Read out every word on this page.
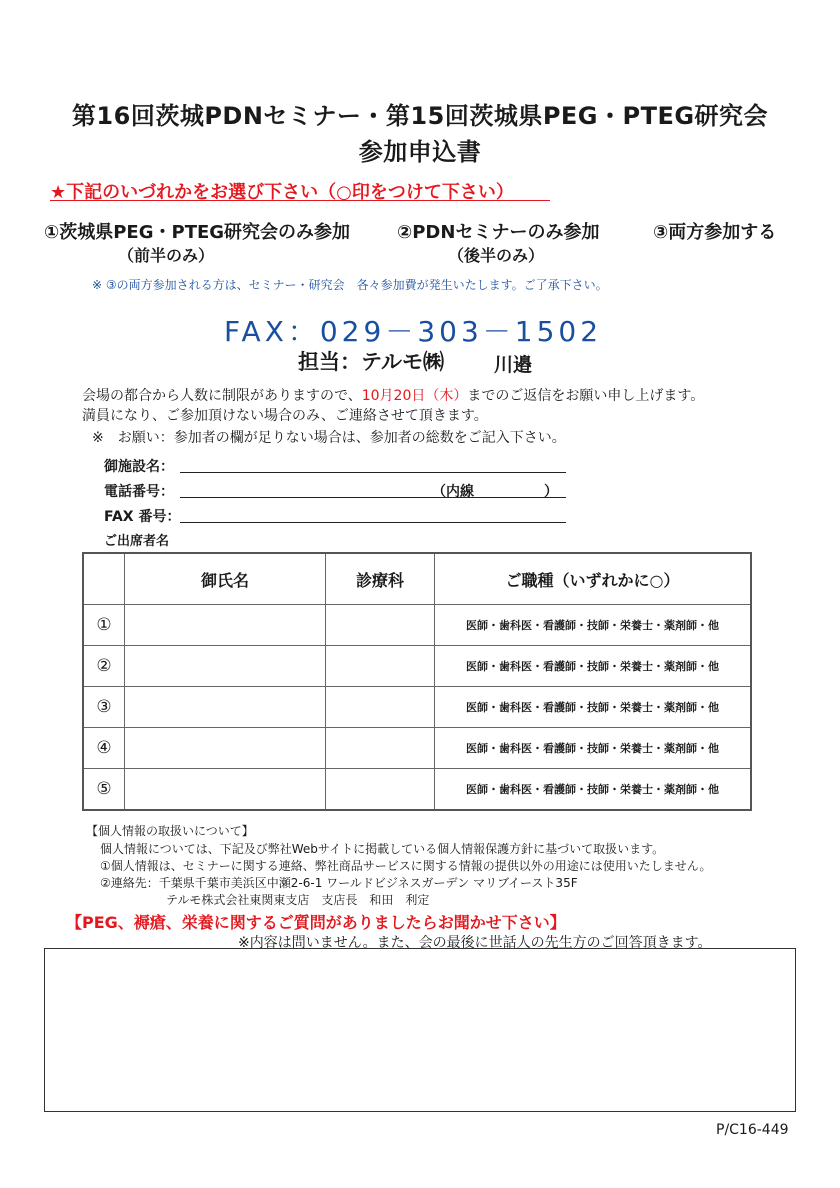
第16回茨城PDNセミナー・第15回茨城県PEG・PTEG研究会
参加申込書
★下記のいづれかをお選び下さい（○印をつけて下さい）
①茨城県PEG・PTEG研究会のみ参加
（前半のみ）
②PDNセミナーのみ参加
（後半のみ）
③両方参加する
※ ③の両方参加される方は、セミナー・研究会　各々参加費が発生いたします。ご了承下さい。
FAX：029－303－1502
担当：テルモ㈱	川邉
会場の都合から人数に制限がありますので、10月20日（木）までのご返信をお願い申し上げます。
満員になり、ご参加頂けない場合のみ、ご連絡させて頂きます。
※　お願い：参加者の欄が足りない場合は、参加者の総数をご記入下さい。
御施設名：
電話番号：	（内線　　　　　）
FAX 番号：
ご出席者名
	御氏名	診療科	ご職種（いずれかに○）
①			医師・歯科医・看護師・技師・栄養士・薬剤師・他
②			医師・歯科医・看護師・技師・栄養士・薬剤師・他
③			医師・歯科医・看護師・技師・栄養士・薬剤師・他
④			医師・歯科医・看護師・技師・栄養士・薬剤師・他
⑤			医師・歯科医・看護師・技師・栄養士・薬剤師・他
【個人情報の取扱いについて】
個人情報については、下記及び弊社Webサイトに掲載している個人情報保護方針に基づいて取扱います。
①個人情報は、セミナーに関する連絡、弊社商品サービスに関する情報の提供以外の用途には使用いたしません。
②連絡先：千葉県千葉市美浜区中瀬2-6-1 ワールドビジネスガーデン マリブイースト35F
テルモ株式会社東関東支店　支店長　和田　利定
【PEG、褥瘡、栄養に関するご質問がありましたらお聞かせ下さい】
※内容は問いません。また、会の最後に世話人の先生方のご回答頂きます。
P/C16-449
